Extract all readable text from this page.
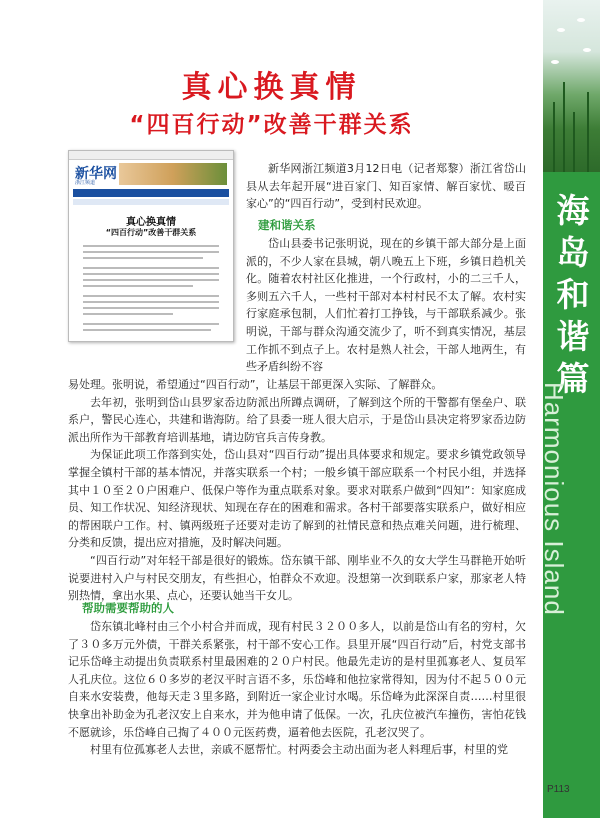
海岛和谐篇
Harmonious Island
真心换真情
“四百行动”改善干群关系
新华网
浙江频道
真心换真情
“四百行动”改善干群关系

新华网浙江频道3月12日电（记者郑黎）浙江省岱山县从去年起开展“进百家门、知百家情、解百家忧、暖百家心”的“四百行动”，受到村民欢迎。

建和谐关系

岱山县委书记张明说，现在的乡镇干部大部分是上面派的，不少人家在县城，朝八晚五上下班，乡镇日趋机关化。随着农村社区化推进，一个行政村，小的二三千人，多则五六千人，一些村干部对本村村民不太了解。农村实行家庭承包制，人们忙着打工挣钱，与干部联系减少。张明说，干部与群众沟通交流少了，听不到真实情况，基层工作抓不到点子上。农村是熟人社会，干部人地两生，有些矛盾纠纷不容

易处理。张明说，希望通过“四百行动”，让基层干部更深入实际、了解群众。

去年初，张明到岱山县罗家岙边防派出所蹲点调研，了解到这个所的干警都有堡垒户、联系户，警民心连心，共建和谐海防。给了县委一班人很大启示，于是岱山县决定将罗家岙边防派出所作为干部教育培训基地，请边防官兵言传身教。

为保证此项工作落到实处，岱山县对“四百行动”提出具体要求和规定。要求乡镇党政领导掌握全镇村干部的基本情况，并落实联系一个村；一般乡镇干部应联系一个村民小组，并选择其中１０至２０户困难户、低保户等作为重点联系对象。要求对联系户做到“四知”：知家庭成员、知工作状况、知经济现状、知现在存在的困难和需求。各村干部要落实联系户，做好相应的帮困联户工作。村、镇两级班子还要对走访了解到的社情民意和热点难关问题，进行梳理、分类和反馈，提出应对措施，及时解决问题。

“四百行动”对年轻干部是很好的锻炼。岱东镇干部、刚毕业不久的女大学生马群艳开始听说要进村入户与村民交朋友，有些担心，怕群众不欢迎。没想第一次到联系户家，那家老人特别热情，拿出水果、点心，还要认她当干女儿。

帮助需要帮助的人

岱东镇北峰村由三个小村合并而成，现有村民３２００多人，以前是岱山有名的穷村，欠了３０多万元外债，干群关系紧张，村干部不安心工作。县里开展“四百行动”后，村党支部书记乐岱峰主动提出负责联系村里最困难的２０户村民。他最先走访的是村里孤寡老人、复员军人孔庆位。这位６０多岁的老汉平时言语不多，乐岱峰和他拉家常得知，因为付不起５００元自来水安装费，他每天走３里多路，到附近一家企业讨水喝。乐岱峰为此深深自责……村里很快拿出补助金为孔老汉安上自来水，并为他申请了低保。一次，孔庆位被汽车撞伤，害怕花钱不愿就诊，乐岱峰自己掏了４００元医药费，逼着他去医院，孔老汉哭了。

村里有位孤寡老人去世，亲戚不愿帮忙。村两委会主动出面为老人料理后事，村里的党

P113
